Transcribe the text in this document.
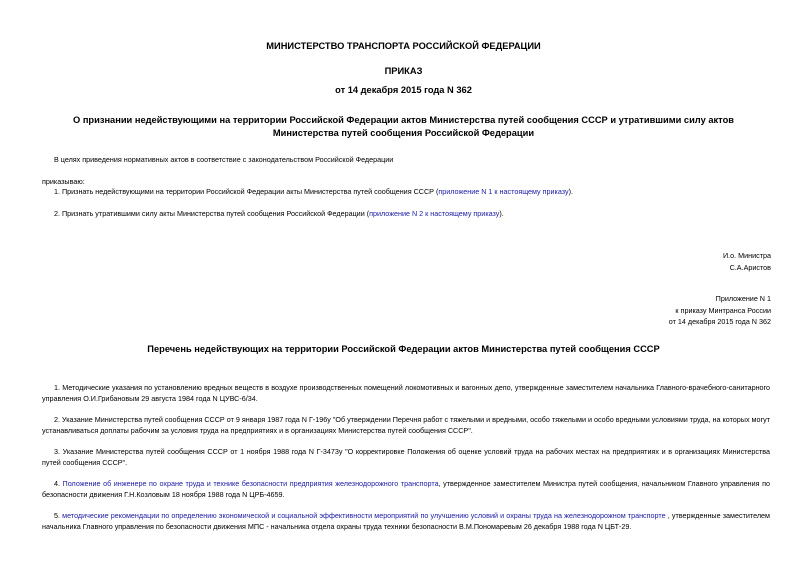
МИНИСТЕРСТВО ТРАНСПОРТА РОССИЙСКОЙ ФЕДЕРАЦИИ
ПРИКАЗ
от 14 декабря 2015 года N 362
О признании недействующими на территории Российской Федерации актов Министерства путей сообщения СССР и утратившими силу актов Министерства путей сообщения Российской Федерации
В целях приведения нормативных актов в соответствие с законодательством Российской Федерации
приказываю:
1. Признать недействующими на территории Российской Федерации акты Министерства путей сообщения СССР (приложение N 1 к настоящему приказу).
2. Признать утратившими силу акты Министерства путей сообщения Российской Федерации (приложение N 2 к настоящему приказу).
И.о. Министра
С.А.Аристов
Приложение N 1
к приказу Минтранса России
от 14 декабря 2015 года N 362
Перечень недействующих на территории Российской Федерации актов Министерства путей сообщения СССР
1. Методические указания по установлению вредных веществ в воздухе производственных помещений локомотивных и вагонных депо, утвержденные заместителем начальника Главного-врачебного-санитарного управления О.И.Грибановым 29 августа 1984 года N ЦУВС-6/34.
2. Указание Министерства путей сообщения СССР от 9 января 1987 года N Г-196у "Об утверждении Перечня работ с тяжелыми и вредными, особо тяжелыми и особо вредными условиями труда, на которых могут устанавливаться доплаты рабочим за условия труда на предприятиях и в организациях Министерства путей сообщения СССР".
3. Указание Министерства путей сообщения СССР от 1 ноября 1988 года N Г-3473у "О корректировке Положения об оценке условий труда на рабочих местах на предприятиях и в организациях Министерства путей сообщения СССР".
4. Положение об инженере по охране труда и технике безопасности предприятия железнодорожного транспорта, утвержденное заместителем Министра путей сообщения, начальником Главного управления по безопасности движения Г.Н.Козловым 18 ноября 1988 года N ЦРБ-4659.
5. методические рекомендации по определению экономической и социальной эффективности мероприятий по улучшению условий и охраны труда на железнодорожном транспорте , утвержденные заместителем начальника Главного управления по безопасности движения МПС - начальника отдела охраны труда техники безопасности В.М.Пономаревым 26 декабря 1988 года N ЦБТ-29.
